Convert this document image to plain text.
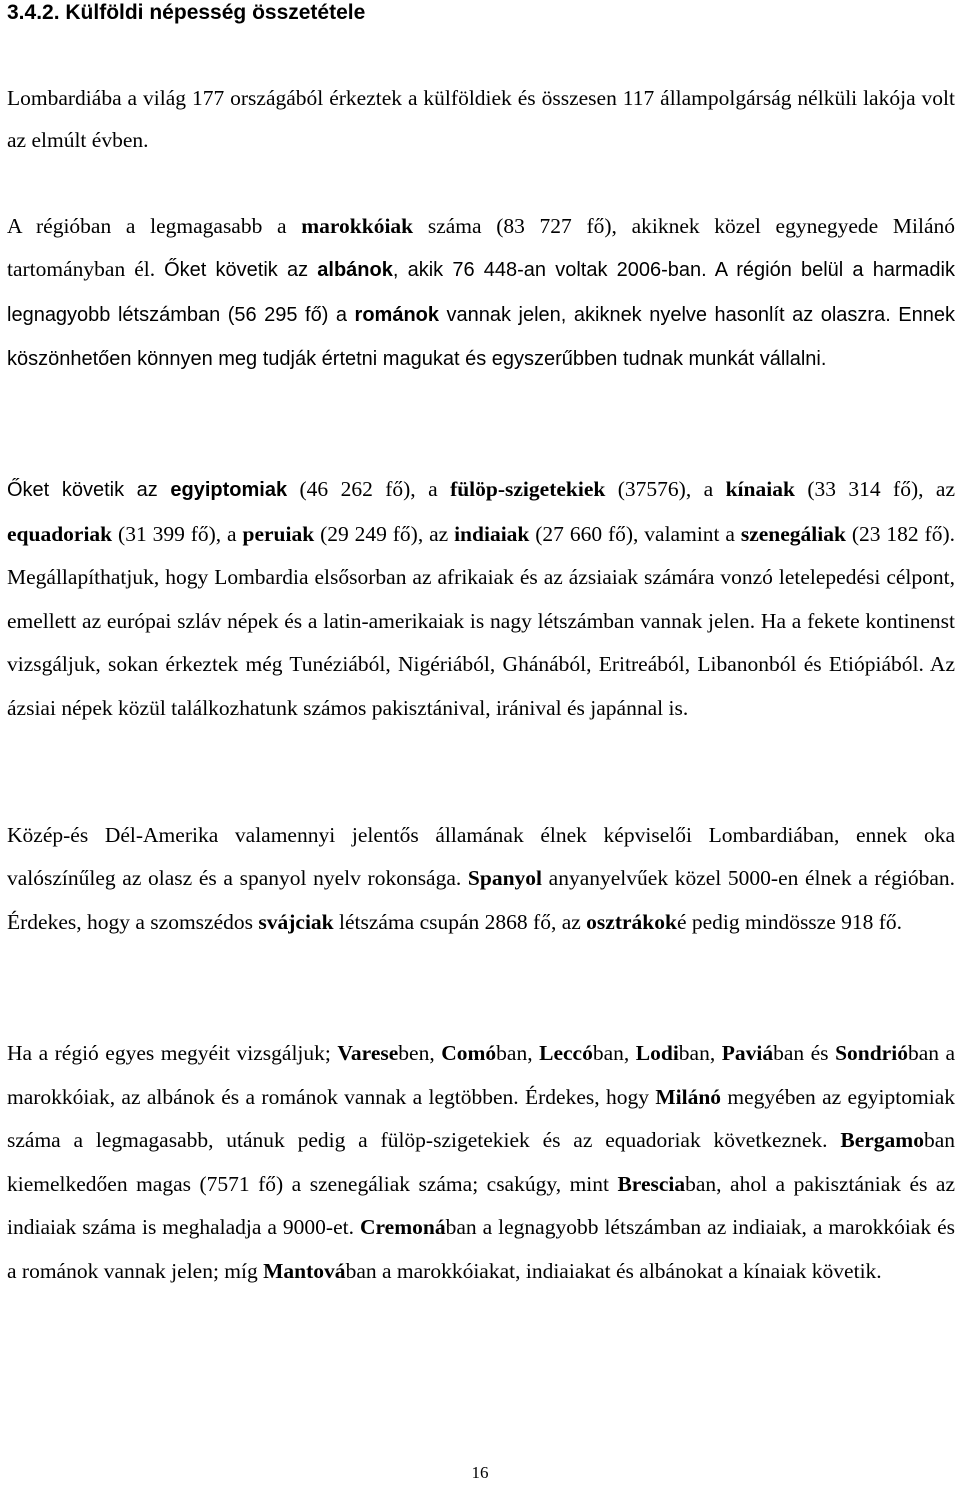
3.4.2. Külföldi népesség összetétele

Lombardiába a világ 177 országából érkeztek a külföldiek és összesen 117 állampolgárság nélküli lakója volt az elmúlt évben.

A régióban a legmagasabb a marokkóiak száma (83 727 fő), akiknek közel egynegyede Milánó tartományban él. Őket követik az albánok, akik 76 448-an voltak 2006-ban. A régión belül a harmadik legnagyobb létszámban (56 295 fő) a románok vannak jelen, akiknek nyelve hasonlít az olaszra. Ennek köszönhetően könnyen meg tudják értetni magukat és egyszerűbben tudnak munkát vállalni.

Őket követik az egyiptomiak (46 262 fő), a fülöp-szigetekiek (37576), a kínaiak (33 314 fő), az equadoriak (31 399 fő), a peruiak (29 249 fő), az indiaiak (27 660 fő), valamint a szenegáliak (23 182 fő). Megállapíthatjuk, hogy Lombardia elsősorban az afrikaiak és az ázsiaiak számára vonzó letelepedési célpont, emellett az európai szláv népek és a latin-amerikaiak is nagy létszámban vannak jelen. Ha a fekete kontinenst vizsgáljuk, sokan érkeztek még Tunéziából, Nigériából, Ghánából, Eritreából, Libanonból és Etiópiából. Az ázsiai népek közül találkozhatunk számos pakisztánival, iránival és japánnal is.

Közép-és Dél-Amerika valamennyi jelentős államának élnek képviselői Lombardiában, ennek oka valószínűleg az olasz és a spanyol nyelv rokonsága. Spanyol anyanyelvűek közel 5000-en élnek a régióban. Érdekes, hogy a szomszédos svájciak létszáma csupán 2868 fő, az osztrákoké pedig mindössze 918 fő.

Ha a régió egyes megyéit vizsgáljuk; Vareseben, Comóban, Leccóban, Lodiban, Paviában és Sondrióban a marokkóiak, az albánok és a románok vannak a legtöbben. Érdekes, hogy Milánó megyében az egyiptomiak száma a legmagasabb, utánuk pedig a fülöp-szigetekiek és az equadoriak következnek. Bergamoban kiemelkedően magas (7571 fő) a szenegáliak száma; csakúgy, mint Bresciaban, ahol a pakisztániak és az indiaiak száma is meghaladja a 9000-et. Cremonában a legnagyobb létszámban az indiaiak, a marokkóiak és a románok vannak jelen; míg Mantovában a marokkóiakat, indiaiakat és albánokat a kínaiak követik.

16
